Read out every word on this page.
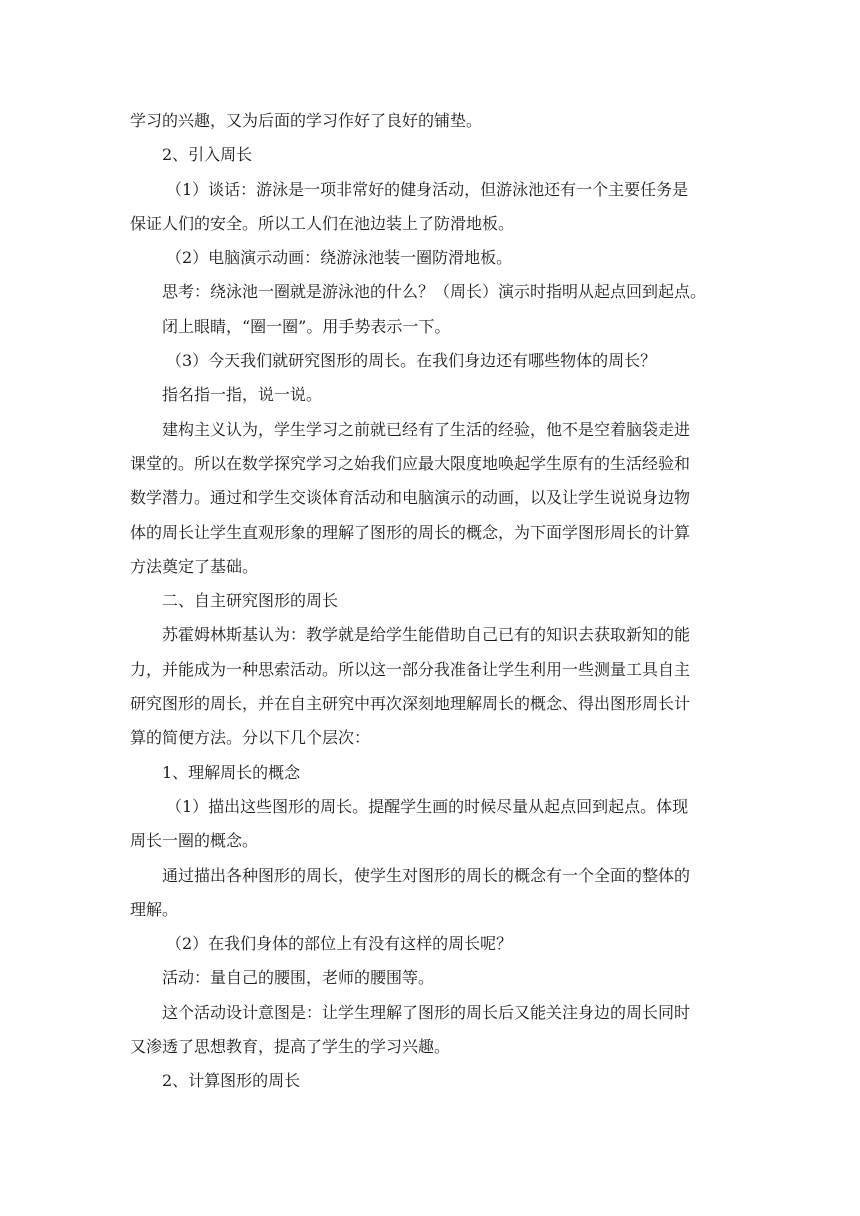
学习的兴趣，又为后面的学习作好了良好的铺垫。
2、引入周长
（1）谈话：游泳是一项非常好的健身活动，但游泳池还有一个主要任务是
保证人们的安全。所以工人们在池边装上了防滑地板。
（2）电脑演示动画：绕游泳池装一圈防滑地板。
思考：绕泳池一圈就是游泳池的什么？（周长）演示时指明从起点回到起点。
闭上眼睛，“圈一圈”。用手势表示一下。
（3）今天我们就研究图形的周长。在我们身边还有哪些物体的周长？
指名指一指，说一说。
建构主义认为，学生学习之前就已经有了生活的经验，他不是空着脑袋走进
课堂的。所以在数学探究学习之始我们应最大限度地唤起学生原有的生活经验和
数学潜力。通过和学生交谈体育活动和电脑演示的动画，以及让学生说说身边物
体的周长让学生直观形象的理解了图形的周长的概念，为下面学图形周长的计算
方法奠定了基础。
二、自主研究图形的周长
苏霍姆林斯基认为：教学就是给学生能借助自己已有的知识去获取新知的能
力，并能成为一种思索活动。所以这一部分我准备让学生利用一些测量工具自主
研究图形的周长，并在自主研究中再次深刻地理解周长的概念、得出图形周长计
算的简便方法。分以下几个层次：
1、理解周长的概念
（1）描出这些图形的周长。提醒学生画的时候尽量从起点回到起点。体现
周长一圈的概念。
通过描出各种图形的周长，使学生对图形的周长的概念有一个全面的整体的
理解。
（2）在我们身体的部位上有没有这样的周长呢？
活动：量自己的腰围，老师的腰围等。
这个活动设计意图是：让学生理解了图形的周长后又能关注身边的周长同时
又渗透了思想教育，提高了学生的学习兴趣。
2、计算图形的周长
